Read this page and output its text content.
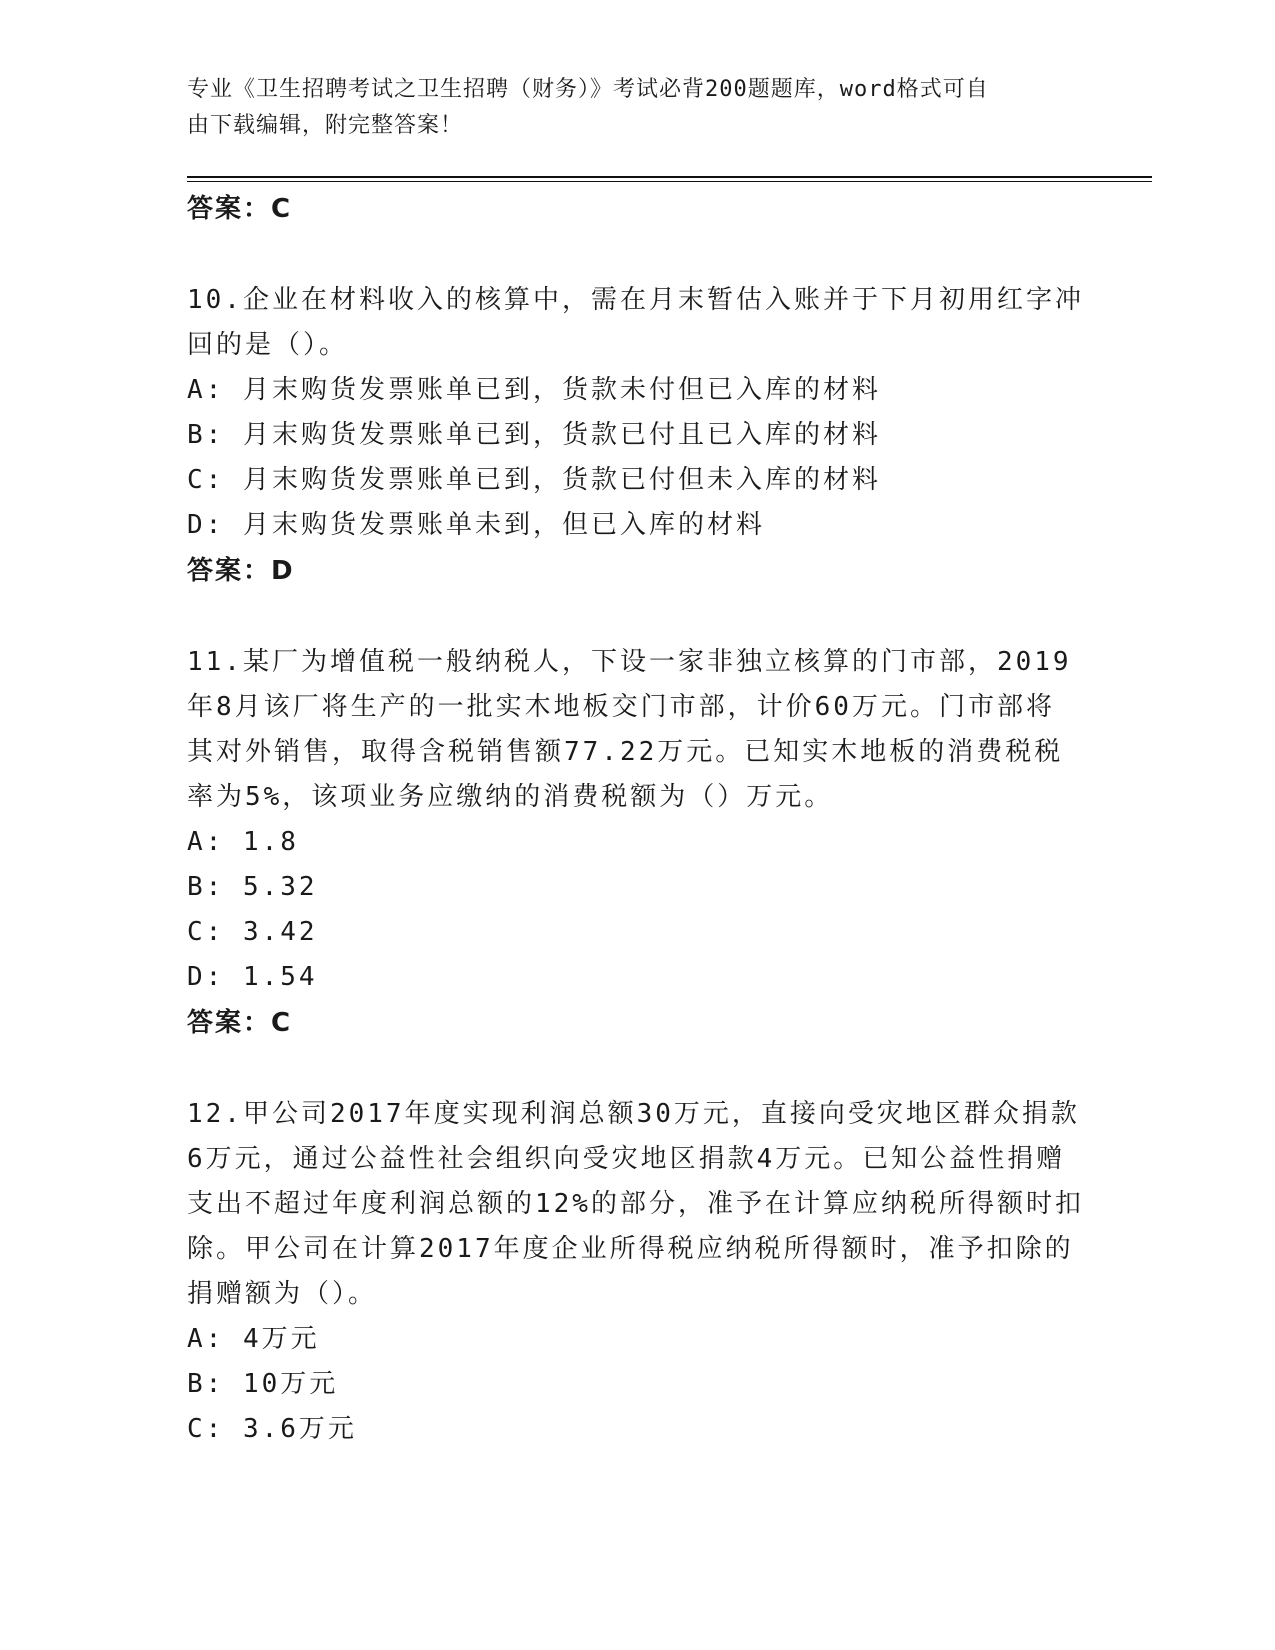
专业《卫生招聘考试之卫生招聘（财务）》考试必背200题题库，word格式可自
由下载编辑，附完整答案！
答案：C
10.企业在材料收入的核算中，需在月末暂估入账并于下月初用红字冲
回的是（）。
A: 月末购货发票账单已到，货款未付但已入库的材料
B: 月末购货发票账单已到，货款已付且已入库的材料
C: 月末购货发票账单已到，货款已付但未入库的材料
D: 月末购货发票账单未到，但已入库的材料
答案：D
11.某厂为增值税一般纳税人，下设一家非独立核算的门市部，2019
年8月该厂将生产的一批实木地板交门市部，计价60万元。门市部将
其对外销售，取得含税销售额77.22万元。已知实木地板的消费税税
率为5%，该项业务应缴纳的消费税额为（）万元。
A: 1.8
B: 5.32
C: 3.42
D: 1.54
答案：C
12.甲公司2017年度实现利润总额30万元，直接向受灾地区群众捐款
6万元，通过公益性社会组织向受灾地区捐款4万元。已知公益性捐赠
支出不超过年度利润总额的12%的部分，准予在计算应纳税所得额时扣
除。甲公司在计算2017年度企业所得税应纳税所得额时，准予扣除的
捐赠额为（）。
A: 4万元
B: 10万元
C: 3.6万元
